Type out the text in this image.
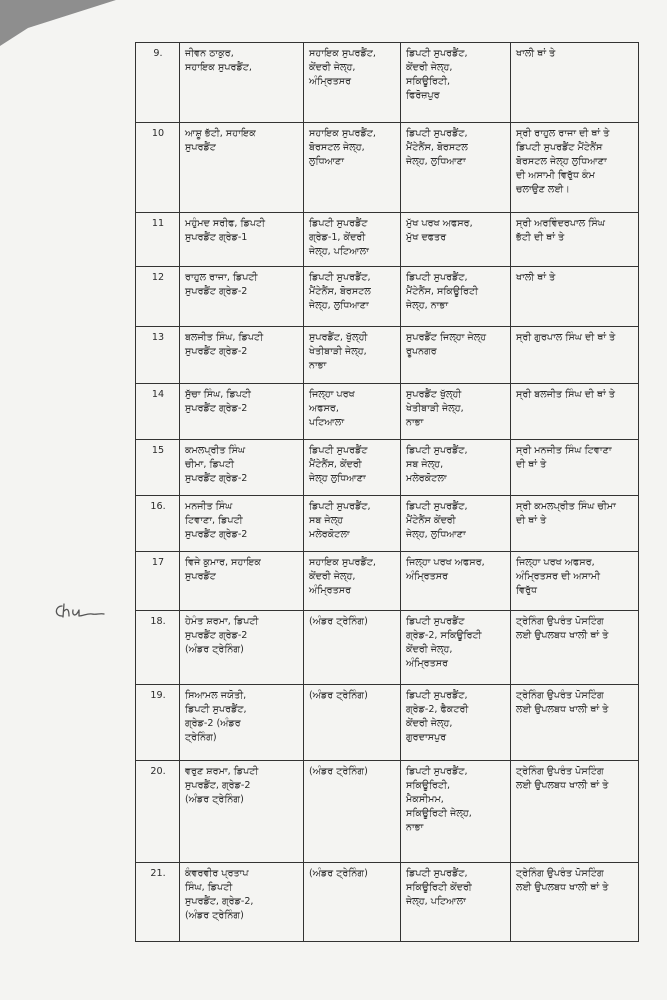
9.	ਜੀਵਨ ਠਾਕੁਰ,
ਸਹਾਇਕ ਸੁਪਰਡੈਂਟ,	ਸਹਾਇਕ ਸੁਪਰਡੈਂਟ,
ਕੇਂਦਰੀ ਜੇਲ੍ਹ,
ਅੰਮ੍ਰਿਤਸਰ	ਡਿਪਟੀ ਸੁਪਰਡੈਂਟ,
ਕੇਂਦਰੀ ਜੇਲ੍ਹ,
ਸਕਿਊਰਿਟੀ,
ਫਿਰੋਜ਼ਪੁਰ	ਖਾਲੀ ਥਾਂ ਤੇ
10	ਆਸ਼ੂ ਭੱਟੀ, ਸਹਾਇਕ
ਸੁਪਰਡੈਂਟ	ਸਹਾਇਕ ਸੁਪਰਡੈਂਟ,
ਬੋਰਸਟਲ ਜੇਲ੍ਹ,
ਲੁਧਿਆਣਾ	ਡਿਪਟੀ ਸੁਪਰਡੈਂਟ,
ਮੈਂਟੇਨੈਂਸ, ਬੋਰਸਟਲ
ਜੇਲ੍ਹ, ਲੁਧਿਆਣਾ	ਸ੍ਰੀ ਰਾਹੁਲ ਰਾਜਾ ਦੀ ਥਾਂ ਤੇ
ਡਿਪਟੀ ਸੁਪਰਡੈਂਟ ਮੈਂਟੇਨੈਂਸ
ਬੋਰਸਟਲ ਜੇਲ੍ਹ ਲੁਧਿਆਣਾ
ਦੀ ਅਸਾਮੀ ਵਿਰੁੱਧ ਕੰਮ
ਚਲਾਉਣ ਲਈ।
11	ਮਹੁੰਮਦ ਸਰੀਫ, ਡਿਪਟੀ
ਸੁਪਰਡੈਂਟ ਗ੍ਰੇਡ-1	ਡਿਪਟੀ ਸੁਪਰਡੈਂਟ
ਗ੍ਰੇਡ-1, ਕੇਂਦਰੀ
ਜੇਲ੍ਹ, ਪਟਿਆਲਾ	ਮੁੱਖ ਪਰਖ ਅਫਸਰ,
ਮੁੱਖ ਦਫਤਰ	ਸ੍ਰੀ ਅਰਵਿੰਦਰਪਾਲ ਸਿੰਘ
ਭੱਟੀ ਦੀ ਥਾਂ ਤੇ
12	ਰਾਹੁਲ ਰਾਜਾ, ਡਿਪਟੀ
ਸੁਪਰਡੈਂਟ ਗ੍ਰੇਡ-2	ਡਿਪਟੀ ਸੁਪਰਡੈਂਟ,
ਮੈਂਟੇਨੈਂਸ, ਬੋਰਸਟਲ
ਜੇਲ੍ਹ, ਲੁਧਿਆਣਾ	ਡਿਪਟੀ ਸੁਪਰਡੈਂਟ,
ਮੈਂਟੇਨੈਂਸ, ਸਕਿਊਰਿਟੀ
ਜੇਲ੍ਹ, ਨਾਭਾ	ਖਾਲੀ ਥਾਂ ਤੇ
13	ਬਲਜੀਤ ਸਿੰਘ, ਡਿਪਟੀ
ਸੁਪਰਡੈਂਟ ਗ੍ਰੇਡ-2	ਸੁਪਰਡੈਂਟ, ਖੁੱਲ੍ਹੀ
ਖੇਤੀਬਾੜੀ ਜੇਲ੍ਹ,
ਨਾਭਾ	ਸੁਪਰਡੈਂਟ ਜਿਲ੍ਹਾ ਜੇਲ੍ਹ
ਰੂਪਨਗਰ	ਸ੍ਰੀ ਗੁਰਪਾਲ ਸਿੰਘ ਦੀ ਥਾਂ ਤੇ
14	ਸੁੱਚਾ ਸਿੰਘ, ਡਿਪਟੀ
ਸੁਪਰਡੈਂਟ ਗ੍ਰੇਡ-2	ਜਿਲ੍ਹਾ ਪਰਖ
ਅਫਸਰ,
ਪਟਿਆਲਾ	ਸੁਪਰਡੈਂਟ ਖੁੱਲ੍ਹੀ
ਖੇਤੀਬਾੜੀ ਜੇਲ੍ਹ,
ਨਾਭਾ	ਸ੍ਰੀ ਬਲਜੀਤ ਸਿੰਘ ਦੀ ਥਾਂ ਤੇ
15	ਕਮਲਪ੍ਰੀਤ ਸਿੰਘ
ਚੀਮਾ, ਡਿਪਟੀ
ਸੁਪਰਡੈਂਟ ਗ੍ਰੇਡ-2	ਡਿਪਟੀ ਸੁਪਰਡੈਂਟ
ਮੈਂਟੇਨੈਂਸ, ਕੇਂਦਰੀ
ਜੇਲ੍ਹ ਲੁਧਿਆਣਾ	ਡਿਪਟੀ ਸੁਪਰਡੈਂਟ,
ਸਬ ਜੇਲ੍ਹ,
ਮਲੇਰਕੋਟਲਾ	ਸ੍ਰੀ ਮਨਜੀਤ ਸਿੰਘ ਟਿਵਾਣਾ
ਦੀ ਥਾਂ ਤੇ
16.	ਮਨਜੀਤ ਸਿੰਘ
ਟਿਵਾਣਾ, ਡਿਪਟੀ
ਸੁਪਰਡੈਂਟ ਗ੍ਰੇਡ-2	ਡਿਪਟੀ ਸੁਪਰਡੈਂਟ,
ਸਬ ਜੇਲ੍ਹ
ਮਲੇਰਕੋਟਲਾ	ਡਿਪਟੀ ਸੁਪਰਡੈਂਟ,
ਮੈਂਟੇਨੈਂਸ ਕੇਂਦਰੀ
ਜੇਲ੍ਹ, ਲੁਧਿਆਣਾ	ਸ੍ਰੀ ਕਮਲਪ੍ਰੀਤ ਸਿੰਘ ਚੀਮਾ
ਦੀ ਥਾਂ ਤੇ
17	ਵਿਜੇ ਕੁਮਾਰ, ਸਹਾਇਕ
ਸੁਪਰਡੈਂਟ	ਸਹਾਇਕ ਸੁਪਰਡੈਂਟ,
ਕੇਂਦਰੀ ਜੇਲ੍ਹ,
ਅੰਮ੍ਰਿਤਸਰ	ਜਿਲ੍ਹਾ ਪਰਖ ਅਫਸਰ,
ਅੰਮ੍ਰਿਤਸਰ	ਜਿਲ੍ਹਾ ਪਰਖ ਅਫਸਰ,
ਅੰਮ੍ਰਿਤਸਰ ਦੀ ਅਸਾਮੀ
ਵਿਰੁੱਧ
18.	ਹੇਮੰਤ ਸ਼ਰਮਾ, ਡਿਪਟੀ
ਸੁਪਰਡੈਂਟ ਗ੍ਰੇਡ-2
(ਅੰਡਰ ਟ੍ਰੇਨਿੰਗ)	(ਅੰਡਰ ਟ੍ਰੇਨਿੰਗ)	ਡਿਪਟੀ ਸੁਪਰਡੈਂਟ
ਗ੍ਰੇਡ-2, ਸਕਿਊਰਿਟੀ
ਕੇਂਦਰੀ ਜੇਲ੍ਹ,
ਅੰਮ੍ਰਿਤਸਰ	ਟ੍ਰੇਨਿੰਗ ਉਪਰੰਤ ਪੋਸਟਿੰਗ
ਲਈ ਉਪਲਬਧ ਖਾਲੀ ਥਾਂ ਤੇ
19.	ਸਿਆਮਲ ਜਯੋਤੀ,
ਡਿਪਟੀ ਸੁਪਰਡੈਂਟ,
ਗ੍ਰੇਡ-2 (ਅੰਡਰ
ਟ੍ਰੇਨਿੰਗ)	(ਅੰਡਰ ਟ੍ਰੇਨਿੰਗ)	ਡਿਪਟੀ ਸੁਪਰਡੈਂਟ,
ਗ੍ਰੇਡ-2, ਫੈਕਟਰੀ
ਕੇਂਦਰੀ ਜੇਲ੍ਹ,
ਗੁਰਦਾਸਪੁਰ	ਟ੍ਰੇਨਿੰਗ ਉਪਰੰਤ ਪੋਸਟਿੰਗ
ਲਈ ਉਪਲਬਧ ਖਾਲੀ ਥਾਂ ਤੇ
20.	ਵਰੁਣ ਸ਼ਰਮਾ, ਡਿਪਟੀ
ਸੁਪਰਡੈਂਟ, ਗ੍ਰੇਡ-2
(ਅੰਡਰ ਟ੍ਰੇਨਿੰਗ)	(ਅੰਡਰ ਟ੍ਰੇਨਿੰਗ)	ਡਿਪਟੀ ਸੁਪਰਡੈਂਟ,
ਸਕਿਊਰਿਟੀ,
ਮੈਕਸੀਮਮ,
ਸਕਿਊਰਿਟੀ ਜੇਲ੍ਹ,
ਨਾਭਾ	ਟ੍ਰੇਨਿੰਗ ਉਪਰੰਤ ਪੋਸਟਿੰਗ
ਲਈ ਉਪਲਬਧ ਖਾਲੀ ਥਾਂ ਤੇ
21.	ਕੰਵਰਵੀਰ ਪ੍ਰਤਾਪ
ਸਿੰਘ, ਡਿਪਟੀ
ਸੁਪਰਡੈਂਟ, ਗ੍ਰੇਡ-2,
(ਅੰਡਰ ਟ੍ਰੇਨਿੰਗ)	(ਅੰਡਰ ਟ੍ਰੇਨਿੰਗ)	ਡਿਪਟੀ ਸੁਪਰਡੈਂਟ,
ਸਕਿਊਰਿਟੀ ਕੇਂਦਰੀ
ਜੇਲ੍ਹ, ਪਟਿਆਲਾ	ਟ੍ਰੇਨਿੰਗ ਉਪਰੰਤ ਪੋਸਟਿੰਗ
ਲਈ ਉਪਲਬਧ ਖਾਲੀ ਥਾਂ ਤੇ
